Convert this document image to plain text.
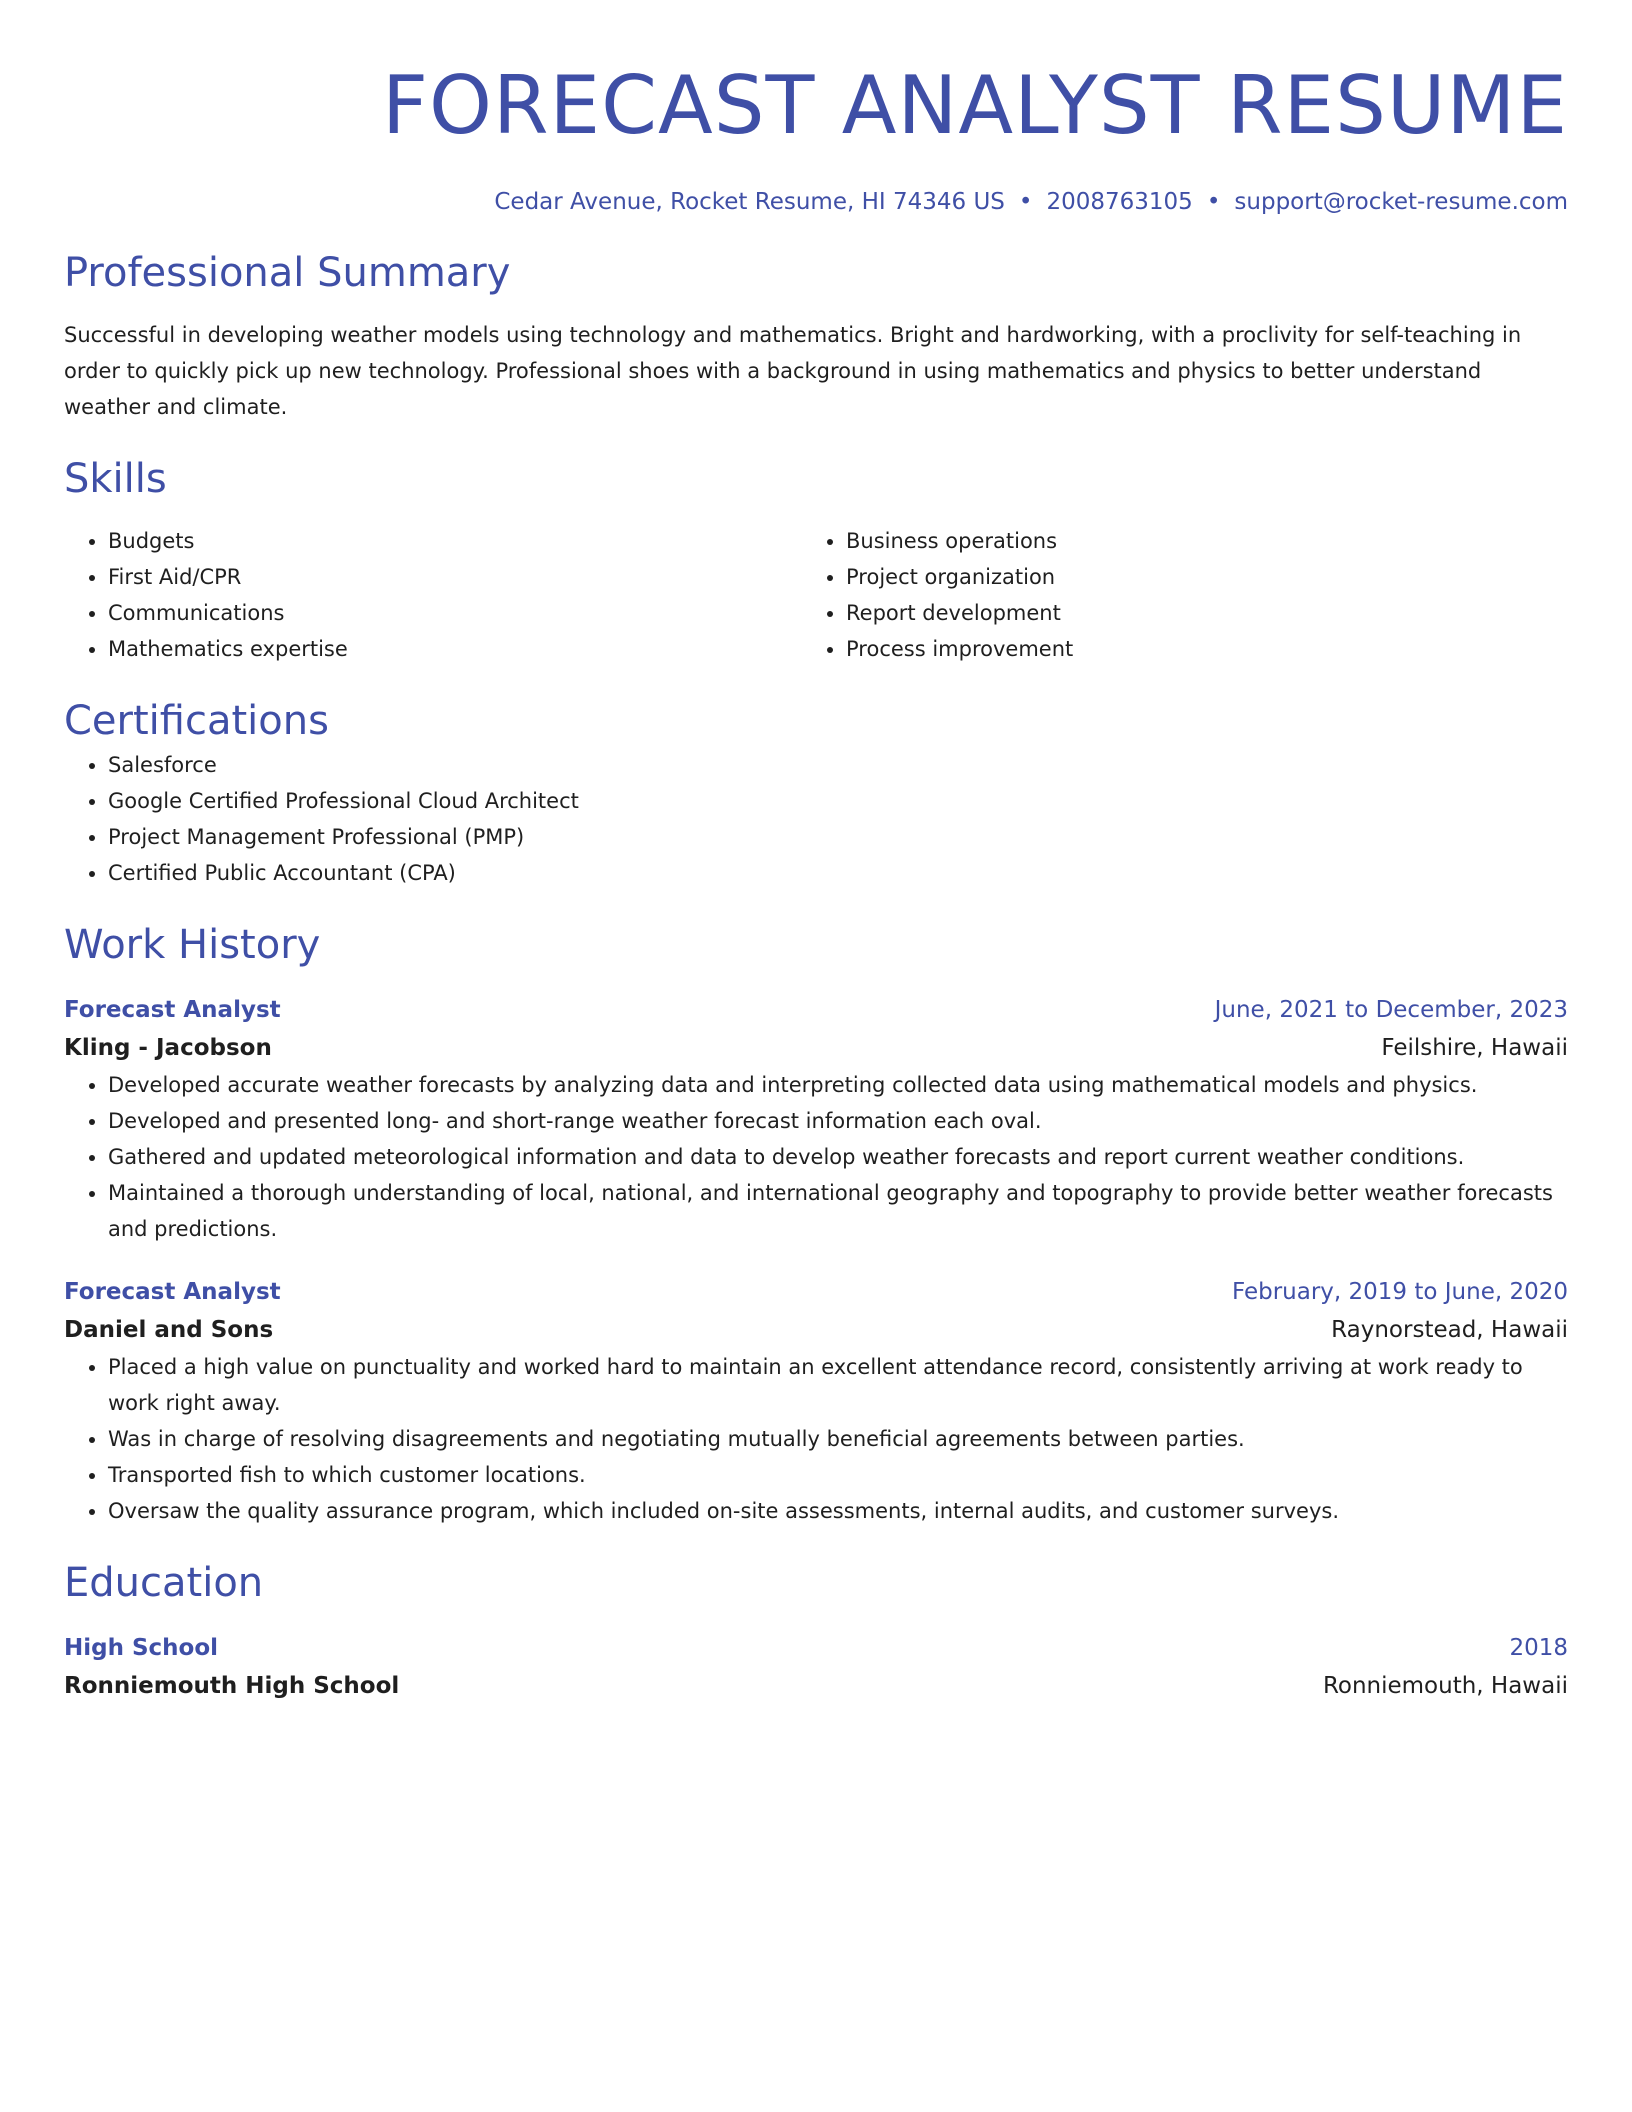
FORECAST ANALYST RESUME
Cedar Avenue, Rocket Resume, HI 74346 US • 2008763105 • support@rocket-resume.com
Professional Summary

Successful in developing weather models using technology and mathematics. Bright and hardworking, with a proclivity for self-teaching in order to quickly pick up new technology. Professional shoes with a background in using mathematics and physics to better understand weather and climate.

Skills
• Budgets
• First Aid/CPR
• Communications
• Mathematics expertise
• Business operations
• Project organization
• Report development
• Process improvement
Certifications
• Salesforce
• Google Certified Professional Cloud Architect
• Project Management Professional (PMP)
• Certified Public Accountant (CPA)
Work History
Forecast Analyst	June, 2021 to December, 2023
Kling - Jacobson	Feilshire, Hawaii
• Developed accurate weather forecasts by analyzing data and interpreting collected data using mathematical models and physics.
• Developed and presented long- and short-range weather forecast information each oval.
• Gathered and updated meteorological information and data to develop weather forecasts and report current weather conditions.
• Maintained a thorough understanding of local, national, and international geography and topography to provide better weather forecasts and predictions.
Forecast Analyst	February, 2019 to June, 2020
Daniel and Sons	Raynorstead, Hawaii
• Placed a high value on punctuality and worked hard to maintain an excellent attendance record, consistently arriving at work ready to work right away.
• Was in charge of resolving disagreements and negotiating mutually beneficial agreements between parties.
• Transported fish to which customer locations.
• Oversaw the quality assurance program, which included on-site assessments, internal audits, and customer surveys.
Education
High School	2018
Ronniemouth High School	Ronniemouth, Hawaii
